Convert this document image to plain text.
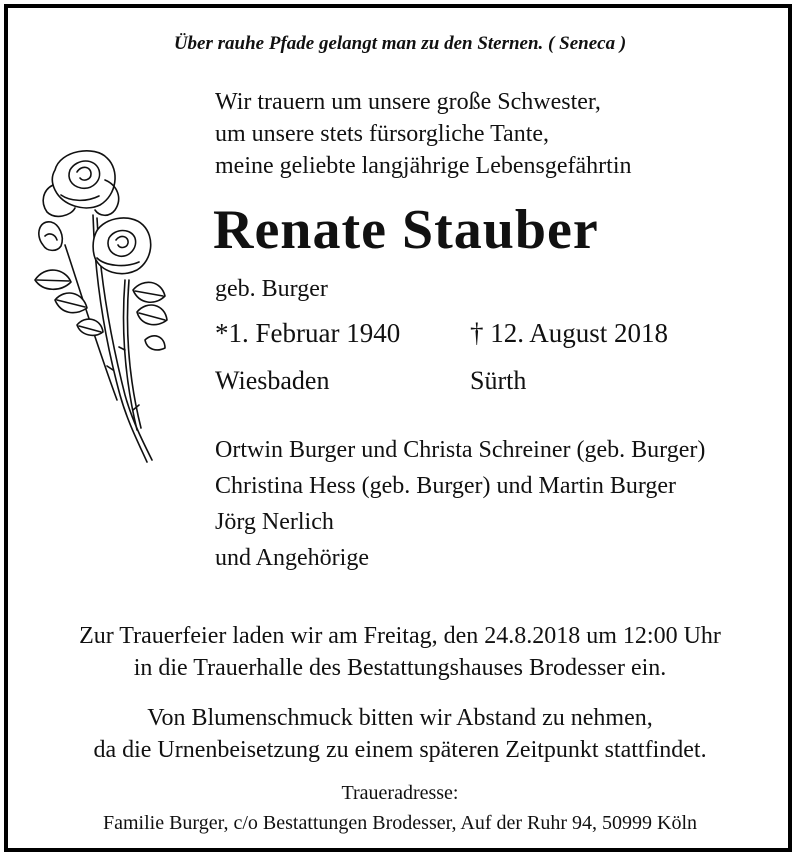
Über rauhe Pfade gelangt man zu den Sternen. ( Seneca )
Wir trauern um unsere große Schwester,
um unsere stets fürsorgliche Tante,
meine geliebte langjährige Lebensgefährtin
Renate Stauber
geb. Burger
*1. Februar 1940	† 12. August 2018
Wiesbaden	Sürth
Ortwin Burger und Christa Schreiner (geb. Burger)
Christina Hess (geb. Burger) und Martin Burger
Jörg Nerlich
und Angehörige
Zur Trauerfeier laden wir am Freitag, den 24.8.2018 um 12:00 Uhr
in die Trauerhalle des Bestattungshauses Brodesser ein.
Von Blumenschmuck bitten wir Abstand zu nehmen,
da die Urnenbeisetzung zu einem späteren Zeitpunkt stattfindet.
Traueradresse:
Familie Burger, c/o Bestattungen Brodesser, Auf der Ruhr 94, 50999 Köln
